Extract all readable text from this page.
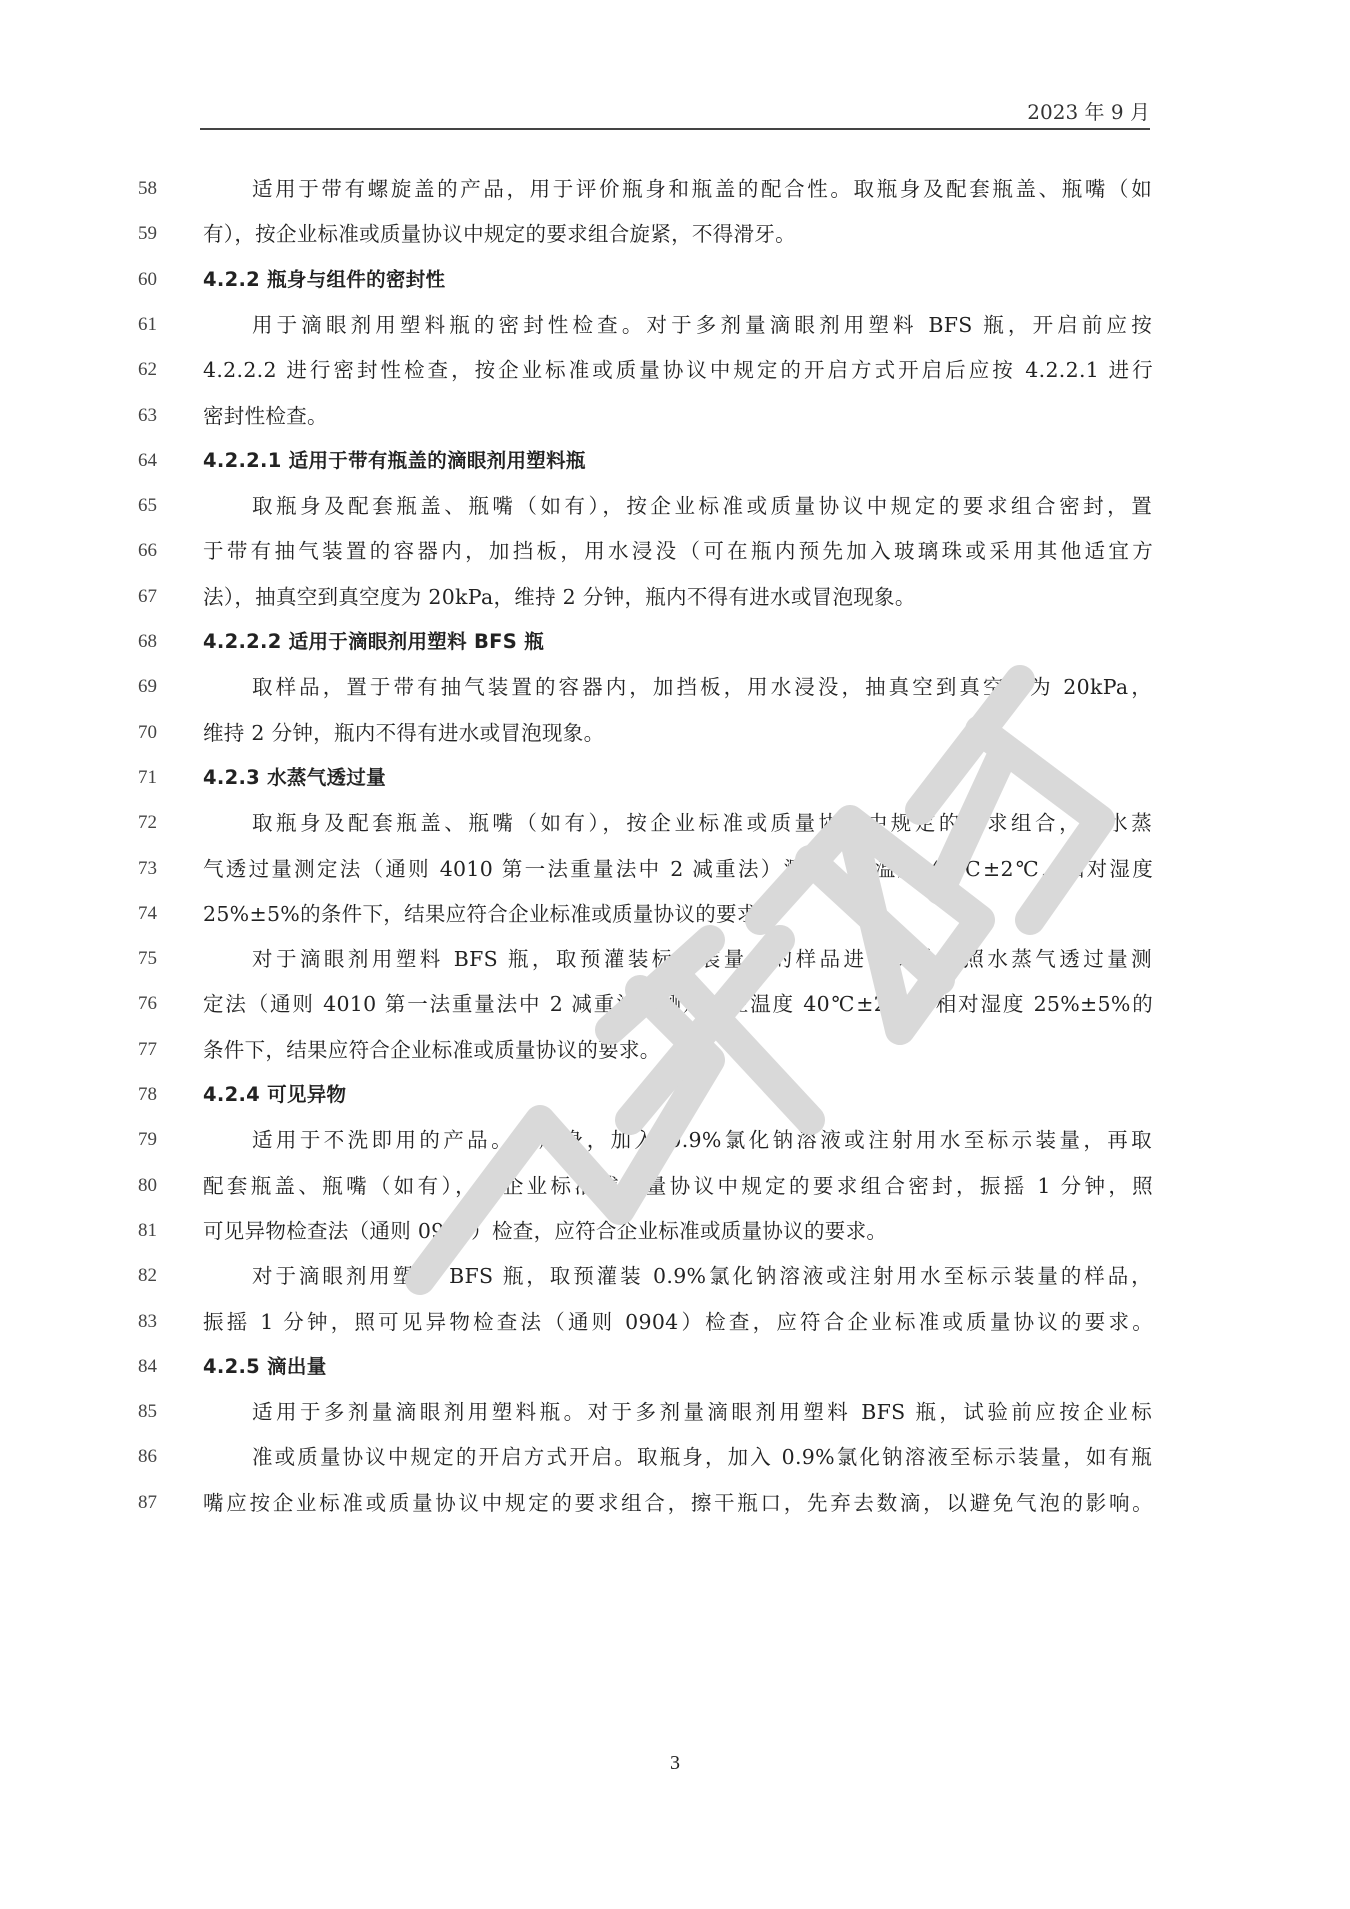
2023 年 9 月
58	适用于带有螺旋盖的产品，用于评价瓶身和瓶盖的配合性。取瓶身及配套瓶盖、瓶嘴（如
59	有），按企业标准或质量协议中规定的要求组合旋紧，不得滑牙。
60	4.2.2 瓶身与组件的密封性
61	用于滴眼剂用塑料瓶的密封性检查。对于多剂量滴眼剂用塑料 BFS 瓶，开启前应按
62	4.2.2.2 进行密封性检查，按企业标准或质量协议中规定的开启方式开启后应按 4.2.2.1 进行
63	密封性检查。
64	4.2.2.1 适用于带有瓶盖的滴眼剂用塑料瓶
65	取瓶身及配套瓶盖、瓶嘴（如有），按企业标准或质量协议中规定的要求组合密封，置
66	于带有抽气装置的容器内，加挡板，用水浸没（可在瓶内预先加入玻璃珠或采用其他适宜方
67	法），抽真空到真空度为 20kPa，维持 2 分钟，瓶内不得有进水或冒泡现象。
68	4.2.2.2 适用于滴眼剂用塑料 BFS 瓶
69	取样品，置于带有抽气装置的容器内，加挡板，用水浸没，抽真空到真空度为 20kPa，
70	维持 2 分钟，瓶内不得有进水或冒泡现象。
71	4.2.3 水蒸气透过量
72	取瓶身及配套瓶盖、瓶嘴（如有），按企业标准或质量协议中规定的要求组合，照水蒸
73	气透过量测定法（通则 4010 第一法重量法中 2 减重法）测定，在温度 40℃±2℃，相对湿度
74	25%±5%的条件下，结果应符合企业标准或质量协议的要求。
75	对于滴眼剂用塑料 BFS 瓶，取预灌装标示装量水的样品进行试验，照水蒸气透过量测
76	定法（通则 4010 第一法重量法中 2 减重法）测定，在温度 40℃±2℃，相对湿度 25%±5%的
77	条件下，结果应符合企业标准或质量协议的要求。
78	4.2.4 可见异物
79	适用于不洗即用的产品。取瓶身，加入 0.9%氯化钠溶液或注射用水至标示装量，再取
80	配套瓶盖、瓶嘴（如有），按企业标准或质量协议中规定的要求组合密封，振摇 1 分钟，照
81	可见异物检查法（通则 0904）检查，应符合企业标准或质量协议的要求。
82	对于滴眼剂用塑料 BFS 瓶，取预灌装 0.9%氯化钠溶液或注射用水至标示装量的样品，
83	振摇 1 分钟，照可见异物检查法（通则 0904）检查，应符合企业标准或质量协议的要求。
84	4.2.5 滴出量
85	适用于多剂量滴眼剂用塑料瓶。对于多剂量滴眼剂用塑料 BFS 瓶，试验前应按企业标
86	准或质量协议中规定的开启方式开启。取瓶身，加入 0.9%氯化钠溶液至标示装量，如有瓶
87	嘴应按企业标准或质量协议中规定的要求组合，擦干瓶口，先弃去数滴，以避免气泡的影响。
3
